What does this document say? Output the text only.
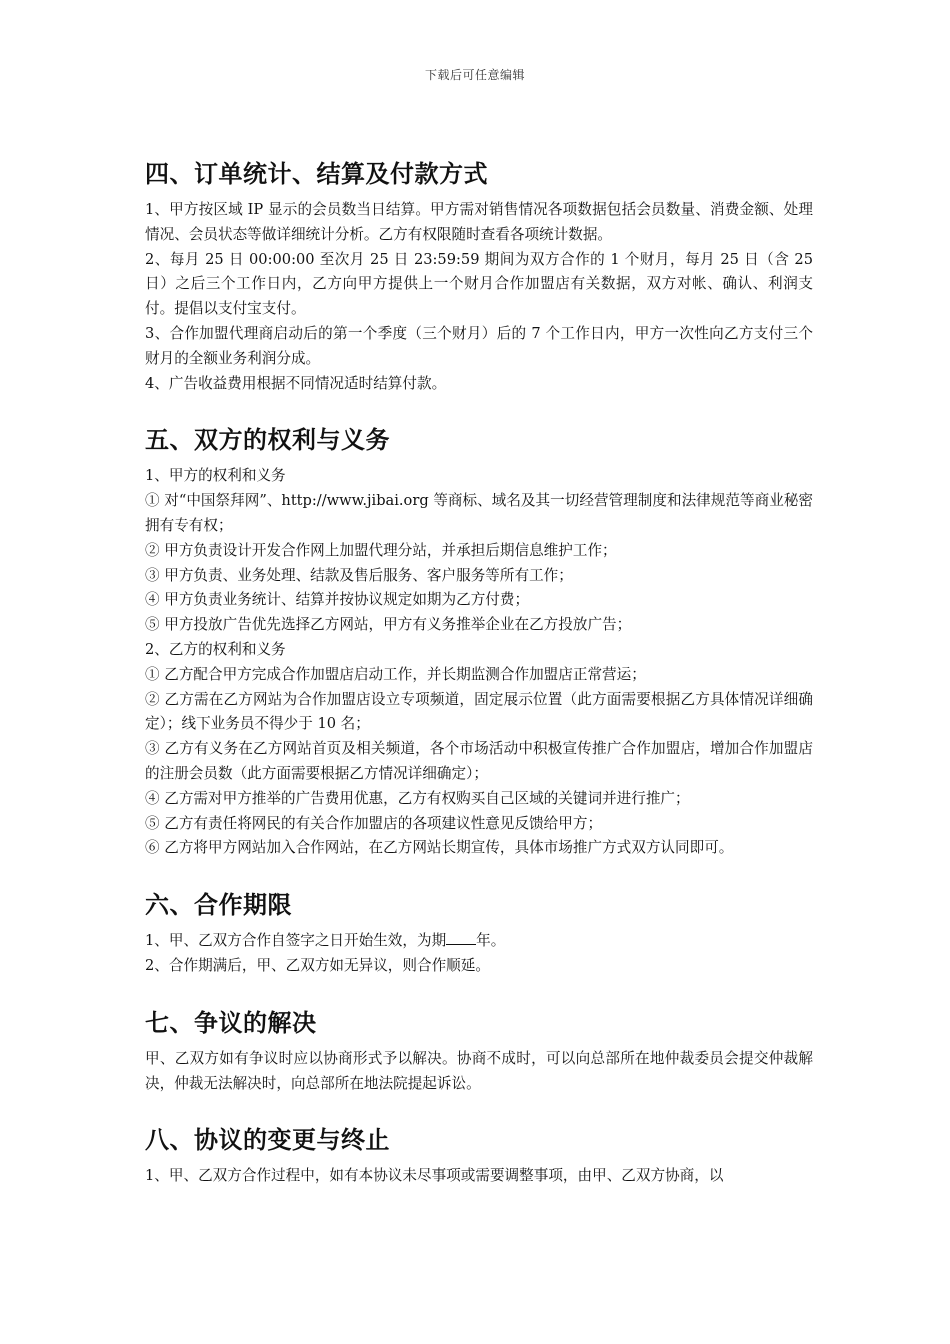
下载后可任意编辑
四、订单统计、结算及付款方式

1、甲方按区域 IP 显示的会员数当日结算。甲方需对销售情况各项数据包括会员数量、消费金额、处理情况、会员状态等做详细统计分析。乙方有权限随时查看各项统计数据。

2、每月 25 日 00:00:00 至次月 25 日 23:59:59 期间为双方合作的 1 个财月，每月 25 日（含 25 日）之后三个工作日内，乙方向甲方提供上一个财月合作加盟店有关数据，双方对帐、确认、利润支付。提倡以支付宝支付。

3、合作加盟代理商启动后的第一个季度（三个财月）后的 7 个工作日内，甲方一次性向乙方支付三个财月的全额业务利润分成。

4、广告收益费用根据不同情况适时结算付款。

五、双方的权利与义务

1、甲方的权利和义务

① 对“中国祭拜网”、http://www.jibai.org 等商标、域名及其一切经营管理制度和法律规范等商业秘密拥有专有权；

② 甲方负责设计开发合作网上加盟代理分站，并承担后期信息维护工作；

③ 甲方负责、业务处理、结款及售后服务、客户服务等所有工作；

④ 甲方负责业务统计、结算并按协议规定如期为乙方付费；

⑤ 甲方投放广告优先选择乙方网站，甲方有义务推举企业在乙方投放广告；

2、乙方的权利和义务

① 乙方配合甲方完成合作加盟店启动工作，并长期监测合作加盟店正常营运；

② 乙方需在乙方网站为合作加盟店设立专项频道，固定展示位置（此方面需要根据乙方具体情况详细确定）；线下业务员不得少于 10 名；

③ 乙方有义务在乙方网站首页及相关频道，各个市场活动中积极宣传推广合作加盟店，增加合作加盟店的注册会员数（此方面需要根据乙方情况详细确定）；

④ 乙方需对甲方推举的广告费用优惠，乙方有权购买自己区域的关键词并进行推广；

⑤ 乙方有责任将网民的有关合作加盟店的各项建议性意见反馈给甲方；

⑥ 乙方将甲方网站加入合作网站，在乙方网站长期宣传，具体市场推广方式双方认同即可。

六、合作期限

1、甲、乙双方合作自签字之日开始生效，为期 年。

2、合作期满后，甲、乙双方如无异议，则合作顺延。

七、争议的解决

甲、乙双方如有争议时应以协商形式予以解决。协商不成时，可以向总部所在地仲裁委员会提交仲裁解决，仲裁无法解决时，向总部所在地法院提起诉讼。

八、协议的变更与终止

1、甲、乙双方合作过程中，如有本协议未尽事项或需要调整事项，由甲、乙双方协商，以
